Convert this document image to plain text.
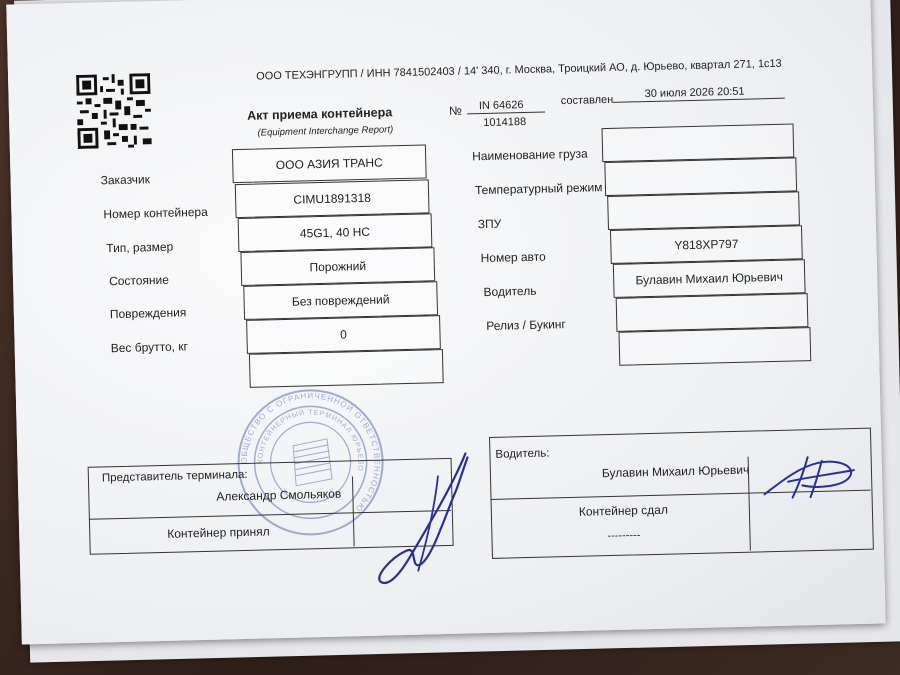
ООО ТЕХЭНГРУПП / ИНН 7841502403 / 14' 340, г. Москва, Троицкий АО, д. Юрьево, квартал 271, 1с13
Акт приема контейнера
(Equipment Interchange Report)
№ IN 64626
1014188
составлен
30 июля 2026 20:51
Заказчик
Номер контейнера
Тип, размер
Состояние
Повреждения
Вес брутто, кг
ООО АЗИЯ ТРАНС
CIMU1891318
45G1, 40 HC
Порожний
Без повреждений
0
Наименование груза
Температурный режим
ЗПУ
Номер авто
Водитель
Релиз / Букинг
Y818XP797
Булавин Михаил Юрьевич
ОБЩЕСТВО С ОГРАНИЧЕННОЙ ОТВЕТСТВЕННОСТЬЮ
КОНТЕЙНЕРНЫЙ ТЕРМИНАЛ ЮРЬЕВО
Представитель терминала:
Александр Смольяков
Контейнер принял
Водитель:
Булавин Михаил Юрьевич
Контейнер сдал
---------
